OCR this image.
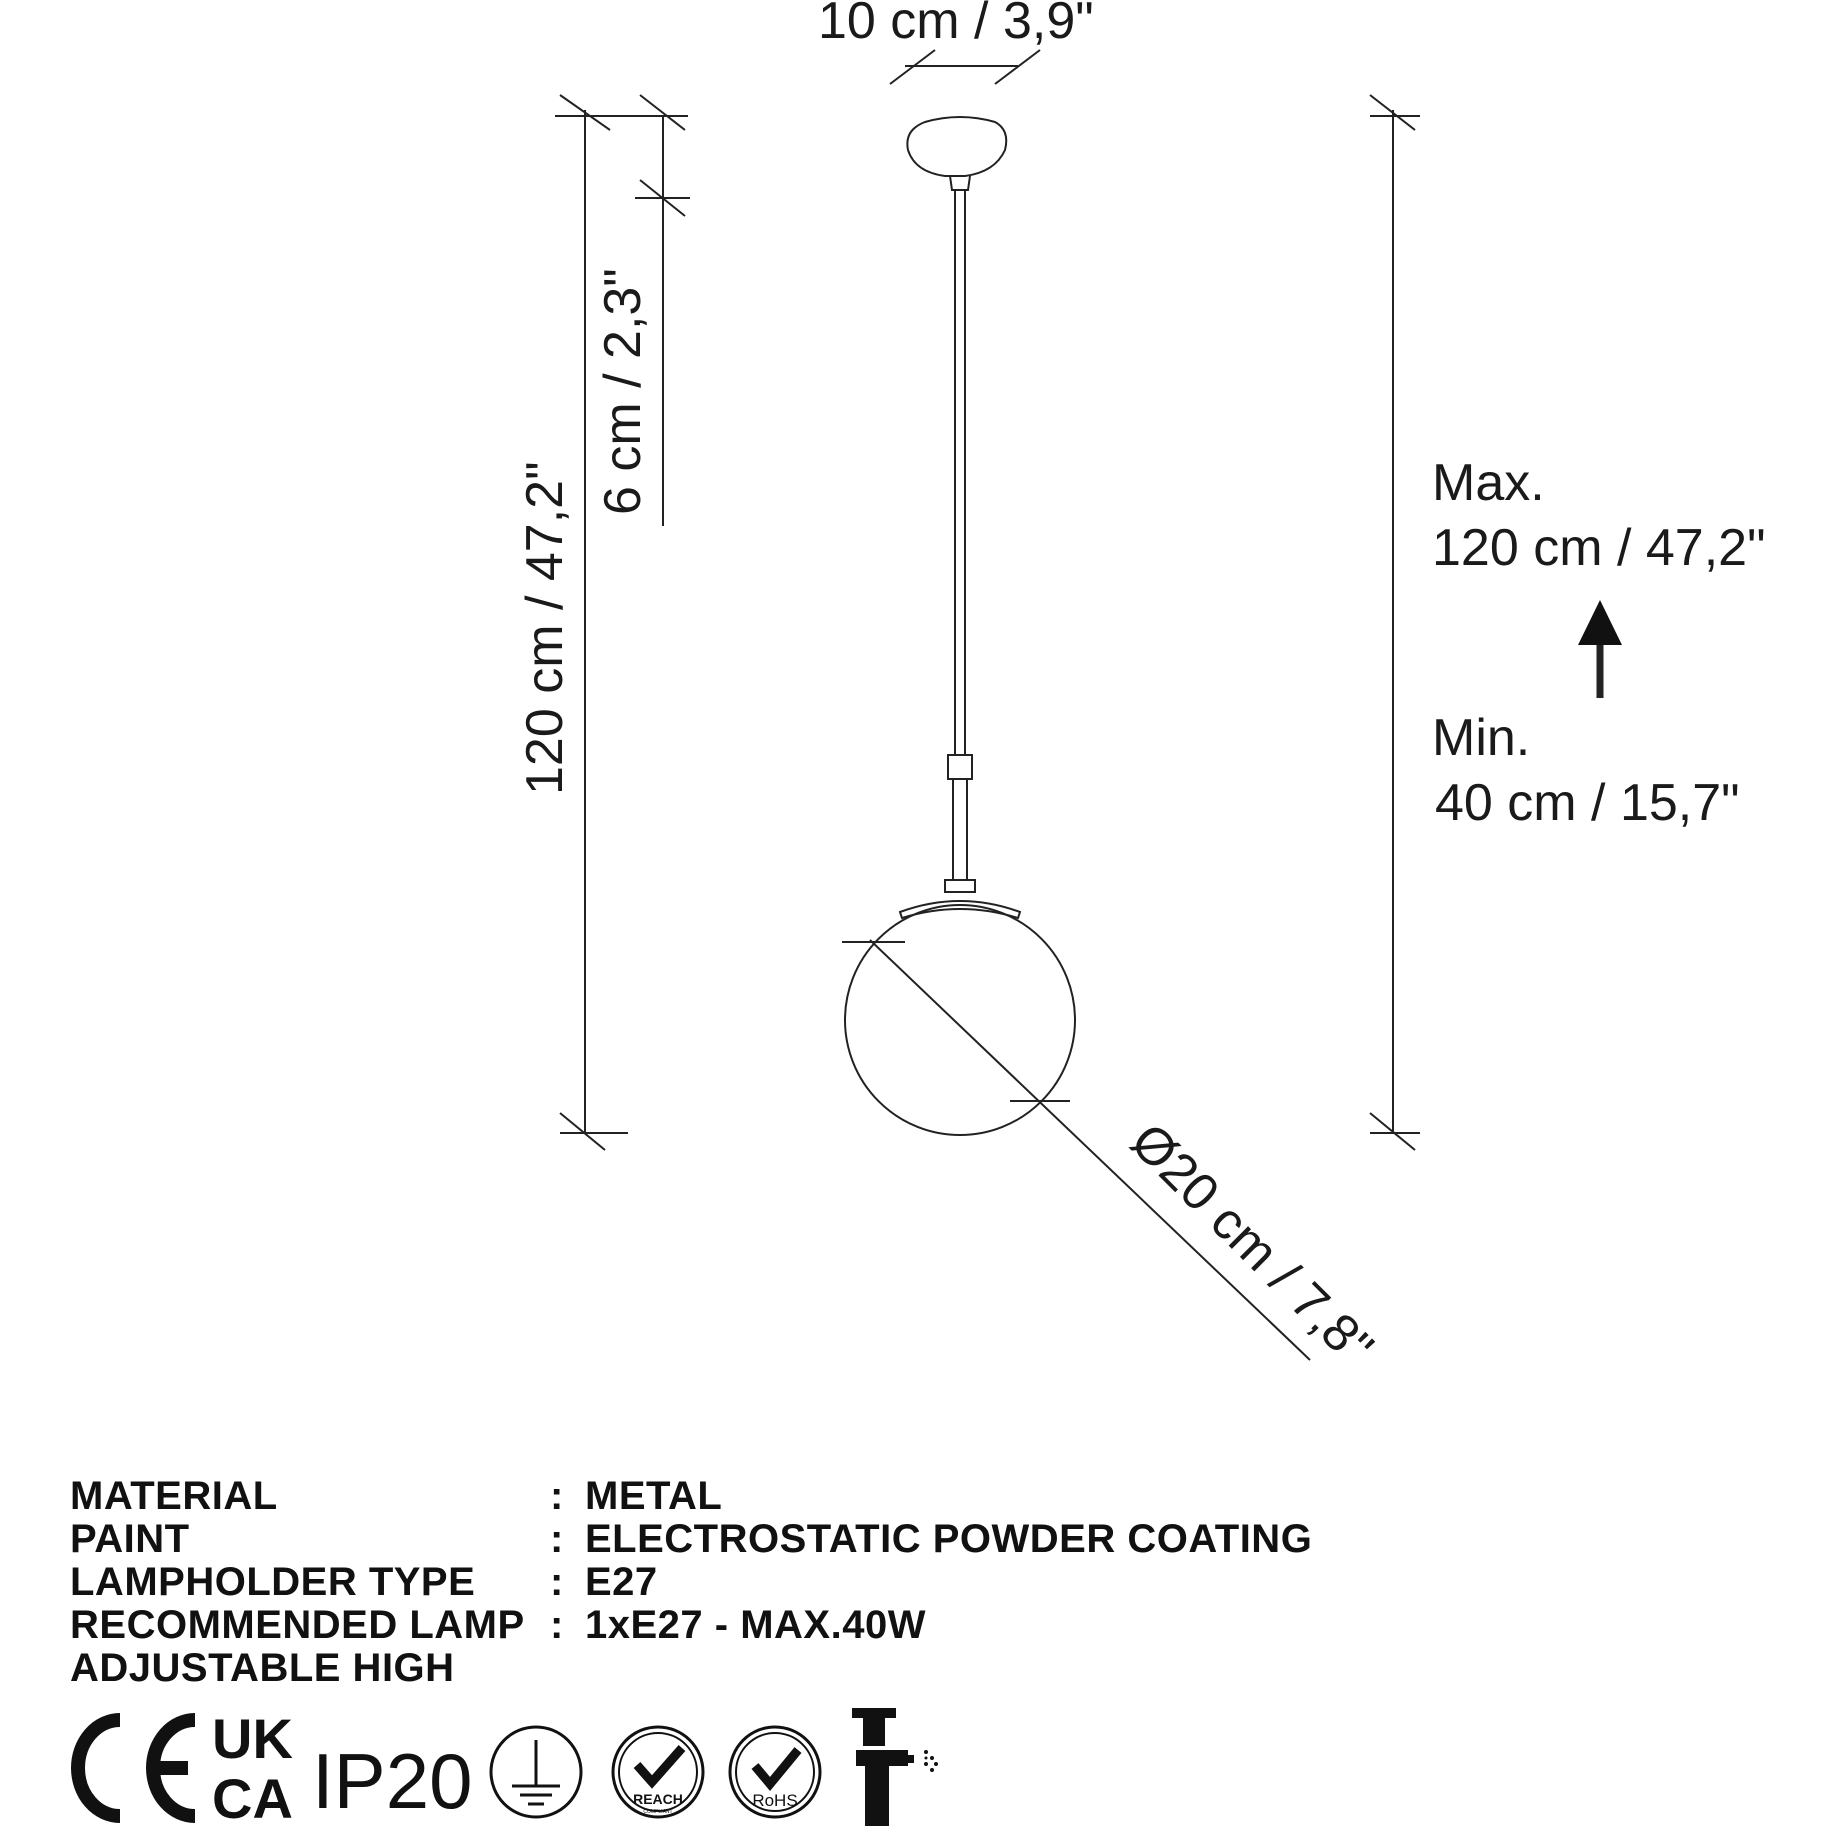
10 cm / 3,9"
120 cm / 47,2"
6 cm / 2,3"
Ø20 cm / 7,8"
Max.
120 cm / 47,2"
Min.
40 cm / 15,7"
MATERIAL	: METAL
PAINT	: ELECTROSTATIC POWDER COATING
LAMPHOLDER TYPE	: E27
RECOMMENDED LAMP : 1xE27 - MAX.40W
ADJUSTABLE HIGH
CE
UK
CA IP20	REACH
COMPLIANT
RoHS
